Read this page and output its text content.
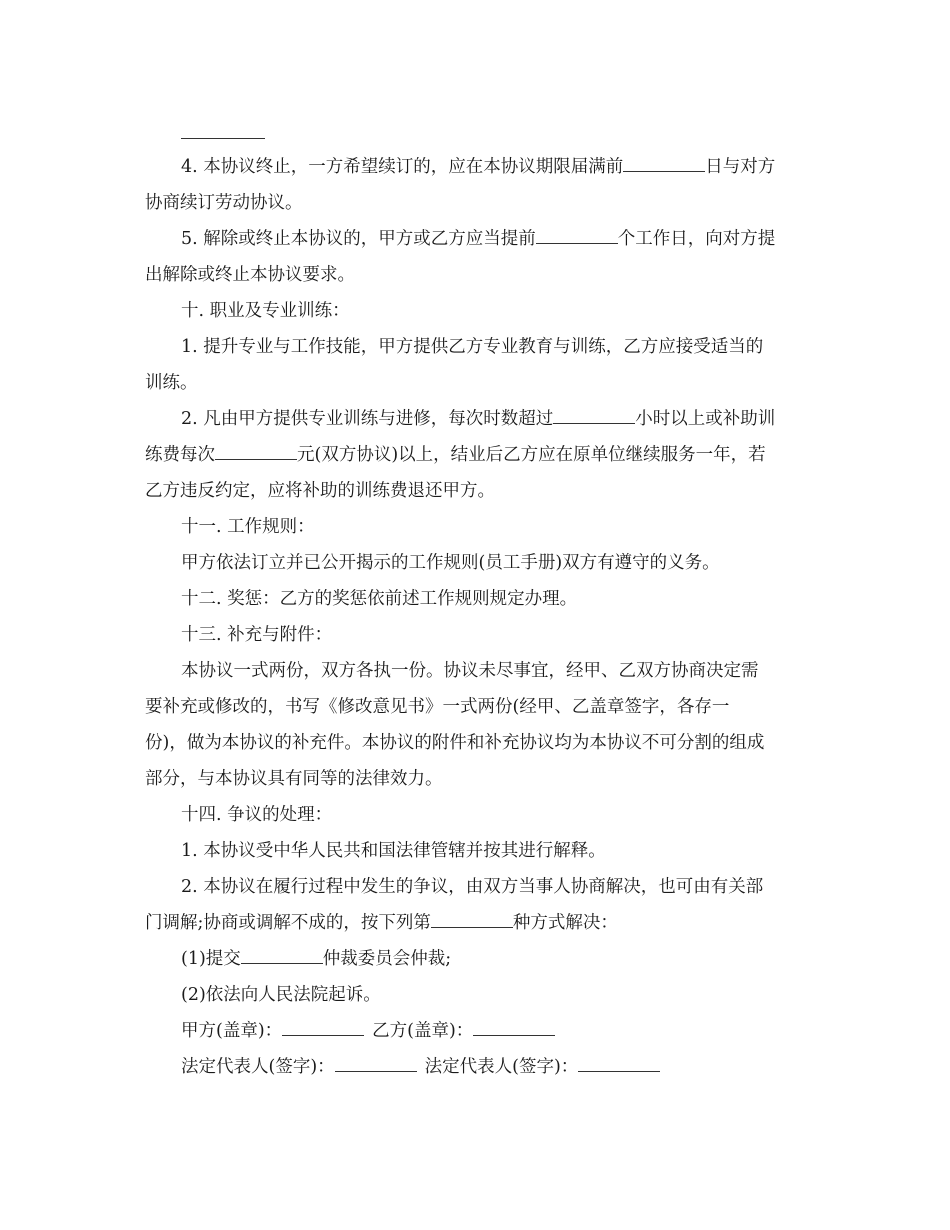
4. 本协议终止，一方希望续订的，应在本协议期限届满前	日与对方

协商续订劳动协议。

5. 解除或终止本协议的，甲方或乙方应当提前	个工作日，向对方提

出解除或终止本协议要求。

十. 职业及专业训练：

1. 提升专业与工作技能，甲方提供乙方专业教育与训练，乙方应接受适当的

训练。

2. 凡由甲方提供专业训练与进修，每次时数超过	小时以上或补助训

练费每次	元(双方协议)以上，结业后乙方应在原单位继续服务一年，若

乙方违反约定，应将补助的训练费退还甲方。

十一. 工作规则：

甲方依法订立并已公开揭示的工作规则(员工手册)双方有遵守的义务。

十二. 奖惩：乙方的奖惩依前述工作规则规定办理。

十三. 补充与附件：

本协议一式两份，双方各执一份。协议未尽事宜，经甲、乙双方协商决定需

要补充或修改的，书写《修改意见书》一式两份(经甲、乙盖章签字，各存一

份)，做为本协议的补充件。本协议的附件和补充协议均为本协议不可分割的组成

部分，与本协议具有同等的法律效力。

十四. 争议的处理：

1. 本协议受中华人民共和国法律管辖并按其进行解释。

2. 本协议在履行过程中发生的争议，由双方当事人协商解决，也可由有关部

门调解;协商或调解不成的，按下列第	种方式解决：

(1)提交	仲裁委员会仲裁;

(2)依法向人民法院起诉。

甲方(盖章)：	乙方(盖章)：
法定代表人(签字)：	法定代表人(签字)：
